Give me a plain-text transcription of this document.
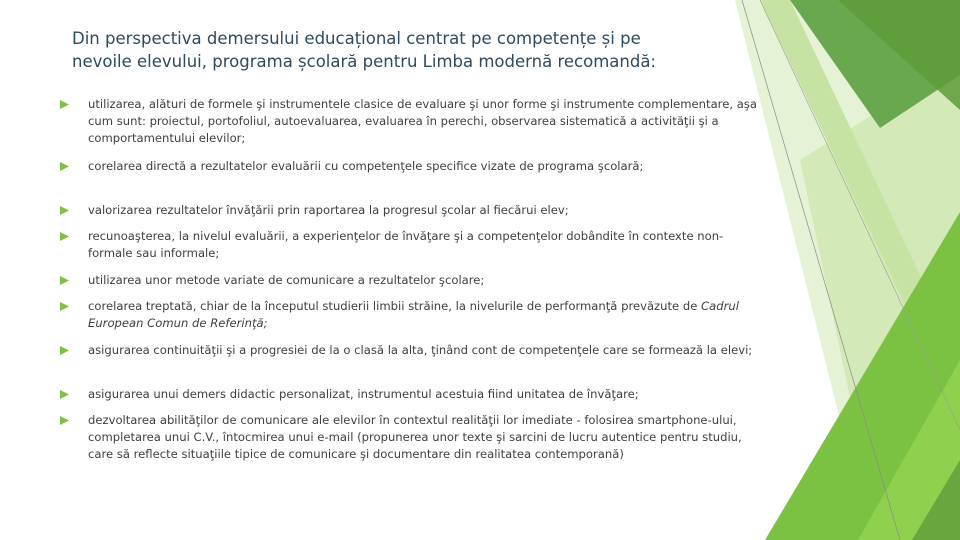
Din perspectiva demersului educațional centrat pe competențe și pe
nevoile elevului, programa școlară pentru Limba modernă recomandă:
utilizarea, alături de formele şi instrumentele clasice de evaluare şi unor forme şi instrumente complementare, aşa cum sunt: proiectul, portofoliul, autoevaluarea, evaluarea în perechi, observarea sistematică a activităţii şi a comportamentului elevilor;
corelarea directă a rezultatelor evaluării cu competenţele specifice vizate de programa şcolară;
valorizarea rezultatelor învăţării prin raportarea la progresul şcolar al fiecărui elev;
recunoaşterea, la nivelul evaluării, a experienţelor de învăţare şi a competenţelor dobândite în contexte non-formale sau informale;
utilizarea unor metode variate de comunicare a rezultatelor şcolare;
corelarea treptată, chiar de la începutul studierii limbii străine, la nivelurile de performanţă prevăzute de Cadrul European Comun de Referinţă;
asigurarea continuităţii şi a progresiei de la o clasă la alta, ţinând cont de competenţele care se formează la elevi;
asigurarea unui demers didactic personalizat, instrumentul acestuia fiind unitatea de învăţare;
dezvoltarea abilităţilor de comunicare ale elevilor în contextul realităţii lor imediate - folosirea smartphone-ului, completarea unui C.V., întocmirea unui e-mail (propunerea unor texte şi sarcini de lucru autentice pentru studiu, care să reflecte situaţiile tipice de comunicare şi documentare din realitatea contemporană)
